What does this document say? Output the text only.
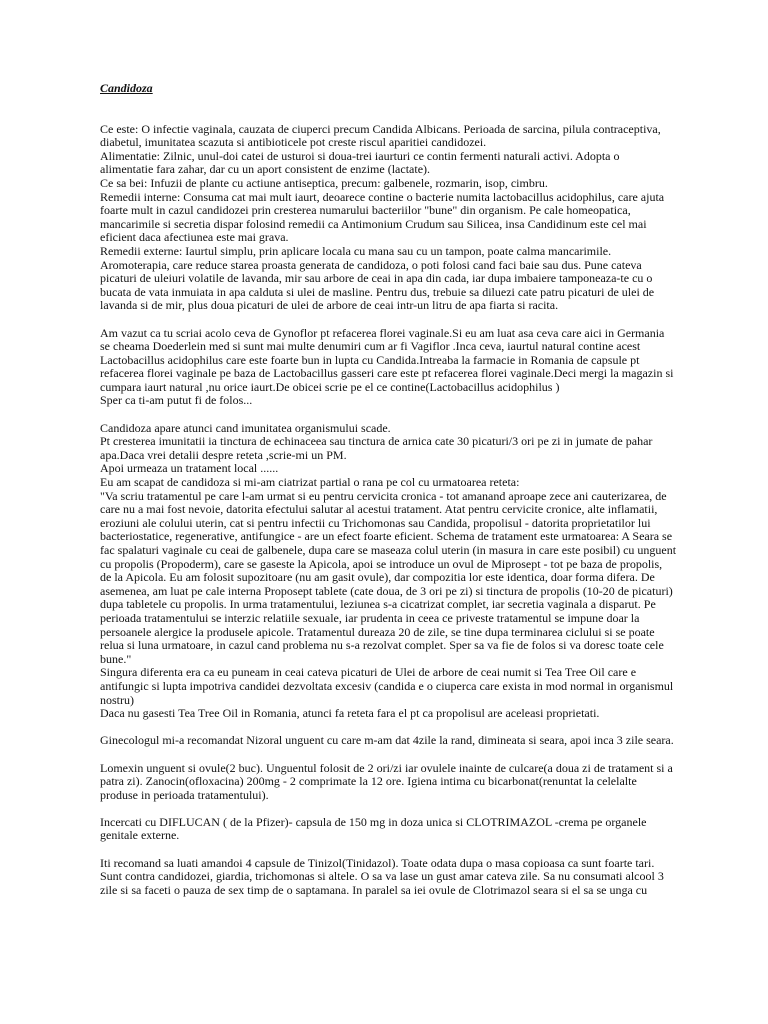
Candidoza
Ce este: O infectie vaginala, cauzata de ciuperci precum Candida Albicans. Perioada de sarcina, pilula contraceptiva,
diabetul, imunitatea scazuta si antibioticele pot creste riscul aparitiei candidozei.
Alimentatie: Zilnic, unul-doi catei de usturoi si doua-trei iaurturi ce contin fermenti naturali activi. Adopta o
alimentatie fara zahar, dar cu un aport consistent de enzime (lactate).
Ce sa bei: Infuzii de plante cu actiune antiseptica, precum: galbenele, rozmarin, isop, cimbru.
Remedii interne: Consuma cat mai mult iaurt, deoarece contine o bacterie numita lactobacillus acidophilus, care ajuta
foarte mult in cazul candidozei prin cresterea numarului bacteriilor "bune" din organism. Pe cale homeopatica,
mancarimile si secretia dispar folosind remedii ca Antimonium Crudum sau Silicea, insa Candidinum este cel mai
eficient daca afectiunea este mai grava.
Remedii externe: Iaurtul simplu, prin aplicare locala cu mana sau cu un tampon, poate calma mancarimile.
Aromoterapia, care reduce starea proasta generata de candidoza, o poti folosi cand faci baie sau dus. Pune cateva
picaturi de uleiuri volatile de lavanda, mir sau arbore de ceai in apa din cada, iar dupa imbaiere tamponeaza-te cu o
bucata de vata inmuiata in apa calduta si ulei de masline. Pentru dus, trebuie sa diluezi cate patru picaturi de ulei de
lavanda si de mir, plus doua picaturi de ulei de arbore de ceai intr-un litru de apa fiarta si racita.
Am vazut ca tu scriai acolo ceva de Gynoflor pt refacerea florei vaginale.Si eu am luat asa ceva care aici in Germania
se cheama Doederlein med si sunt mai multe denumiri cum ar fi Vagiflor .Inca ceva, iaurtul natural contine acest
Lactobacillus acidophilus care este foarte bun in lupta cu Candida.Intreaba la farmacie in Romania de capsule pt
refacerea florei vaginale pe baza de Lactobacillus gasseri care este pt refacerea florei vaginale.Deci mergi la magazin si
cumpara iaurt natural ,nu orice iaurt.De obicei scrie pe el ce contine(Lactobacillus acidophilus )
Sper ca ti-am putut fi de folos...
Candidoza apare atunci cand imunitatea organismului scade.
Pt cresterea imunitatii ia tinctura de echinaceea sau tinctura de arnica cate 30 picaturi/3 ori pe zi in jumate de pahar
apa.Daca vrei detalii despre reteta ,scrie-mi un PM.
Apoi urmeaza un tratament local ......
Eu am scapat de candidoza si mi-am ciatrizat partial o rana pe col cu urmatoarea reteta:
"Va scriu tratamentul pe care l-am urmat si eu pentru cervicita cronica - tot amanand aproape zece ani cauterizarea, de
care nu a mai fost nevoie, datorita efectului salutar al acestui tratament. Atat pentru cervicite cronice, alte inflamatii,
eroziuni ale colului uterin, cat si pentru infectii cu Trichomonas sau Candida, propolisul - datorita proprietatilor lui
bacteriostatice, regenerative, antifungice - are un efect foarte eficient. Schema de tratament este urmatoarea: A Seara se
fac spalaturi vaginale cu ceai de galbenele, dupa care se maseaza colul uterin (in masura in care este posibil) cu unguent
cu propolis (Propoderm), care se gaseste la Apicola, apoi se introduce un ovul de Miprosept - tot pe baza de propolis,
de la Apicola. Eu am folosit supozitoare (nu am gasit ovule), dar compozitia lor este identica, doar forma difera. De
asemenea, am luat pe cale interna Proposept tablete (cate doua, de 3 ori pe zi) si tinctura de propolis (10-20 de picaturi)
dupa tabletele cu propolis. In urma tratamentului, leziunea s-a cicatrizat complet, iar secretia vaginala a disparut. Pe
perioada tratamentului se interzic relatiile sexuale, iar prudenta in ceea ce priveste tratamentul se impune doar la
persoanele alergice la produsele apicole. Tratamentul dureaza 20 de zile, se tine dupa terminarea ciclului si se poate
relua si luna urmatoare, in cazul cand problema nu s-a rezolvat complet. Sper sa va fie de folos si va doresc toate cele
bune."
Singura diferenta era ca eu puneam in ceai cateva picaturi de Ulei de arbore de ceai numit si Tea Tree Oil care e
antifungic si lupta impotriva candidei dezvoltata excesiv (candida e o ciuperca care exista in mod normal in organismul
nostru)
Daca nu gasesti Tea Tree Oil in Romania, atunci fa reteta fara el pt ca propolisul are aceleasi proprietati.
Ginecologul mi-a recomandat Nizoral unguent cu care m-am dat 4zile la rand, dimineata si seara, apoi inca 3 zile seara.
Lomexin unguent si ovule(2 buc). Unguentul folosit de 2 ori/zi iar ovulele inainte de culcare(a doua zi de tratament si a
patra zi). Zanocin(ofloxacina) 200mg - 2 comprimate la 12 ore. Igiena intima cu bicarbonat(renuntat la celelalte
produse in perioada tratamentului).
Incercati cu DIFLUCAN ( de la Pfizer)- capsula de 150 mg in doza unica si CLOTRIMAZOL -crema pe organele
genitale externe.
Iti recomand sa luati amandoi 4 capsule de Tinizol(Tinidazol). Toate odata dupa o masa copioasa ca sunt foarte tari.
Sunt contra candidozei, giardia, trichomonas si altele. O sa va lase un gust amar cateva zile. Sa nu consumati alcool 3
zile si sa faceti o pauza de sex timp de o saptamana. In paralel sa iei ovule de Clotrimazol seara si el sa se unga cu
